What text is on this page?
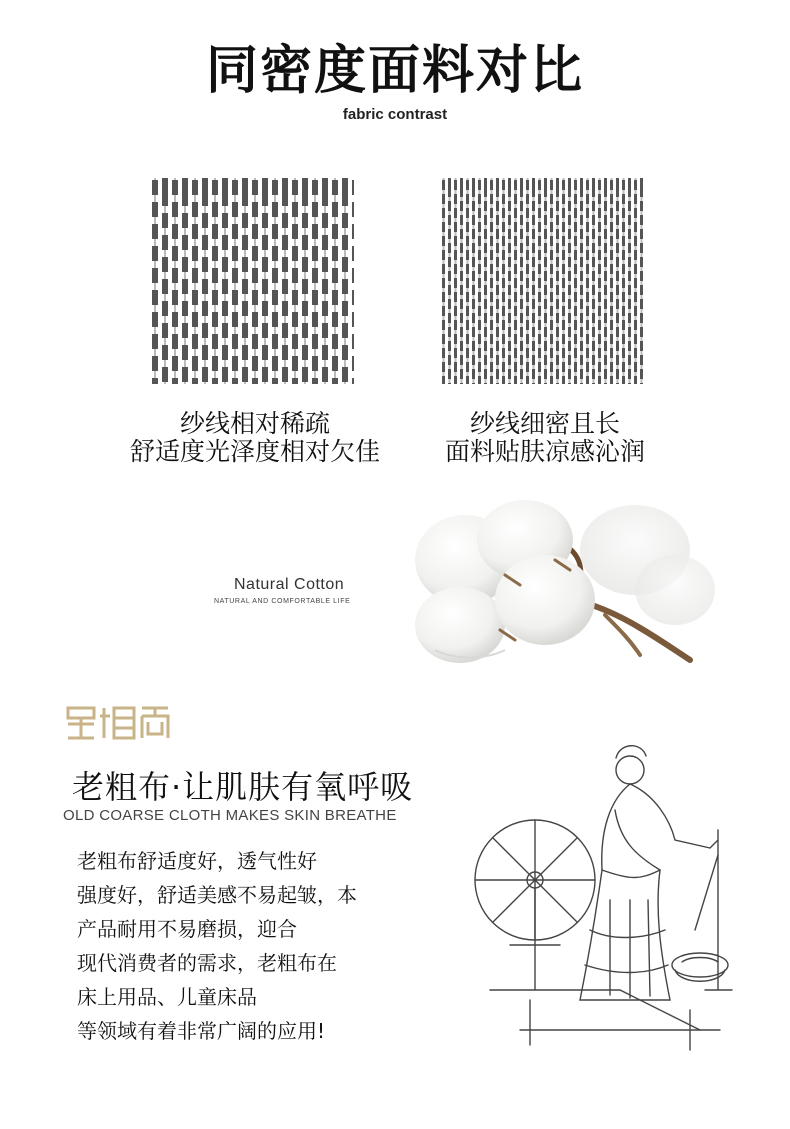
同密度面料对比
fabric contrast
纱线相对稀疏
舒适度光泽度相对欠佳
纱线细密且长
面料贴肤凉感沁润
Natural Cotton
NATURAL AND COMFORTABLE LIFE
老粗布·让肌肤有氧呼吸
OLD COARSE CLOTH MAKES SKIN BREATHE
老粗布舒适度好，透气性好
强度好，舒适美感不易起皱，本
产品耐用不易磨损，迎合
现代消费者的需求，老粗布在
床上用品、儿童床品
等领域有着非常广阔的应用!
